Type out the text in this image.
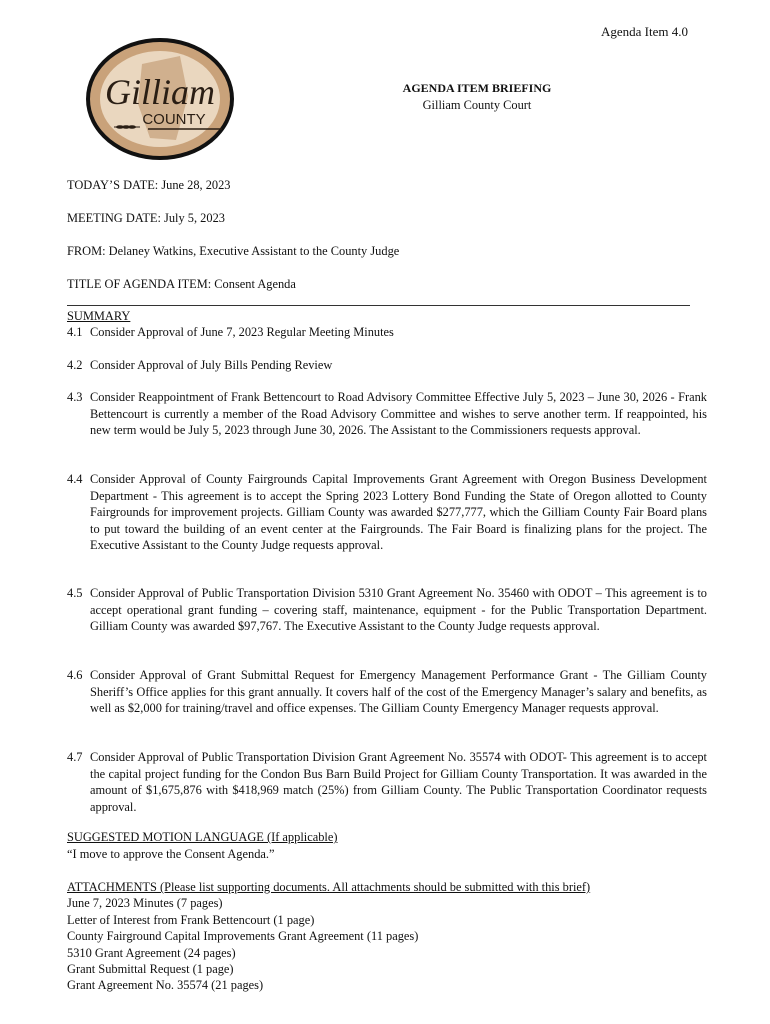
Agenda Item 4.0
Gilliam
COUNTY
AGENDA ITEM BRIEFING
Gilliam County Court
TODAY’S DATE: June 28, 2023
MEETING DATE: July 5, 2023
FROM: Delaney Watkins, Executive Assistant to the County Judge
TITLE OF AGENDA ITEM: Consent Agenda
SUMMARY
4.1 Consider Approval of June 7, 2023 Regular Meeting Minutes
4.2 Consider Approval of July Bills Pending Review
4.3 Consider Reappointment of Frank Bettencourt to Road Advisory Committee Effective July 5, 2023 – June 30, 2026 - Frank Bettencourt is currently a member of the Road Advisory Committee and wishes to serve another term. If reappointed, his new term would be July 5, 2023 through June 30, 2026. The Assistant to the Commissioners requests approval.
4.4 Consider Approval of County Fairgrounds Capital Improvements Grant Agreement with Oregon Business Development Department - This agreement is to accept the Spring 2023 Lottery Bond Funding the State of Oregon allotted to County Fairgrounds for improvement projects. Gilliam County was awarded $277,777, which the Gilliam County Fair Board plans to put toward the building of an event center at the Fairgrounds. The Fair Board is finalizing plans for the project. The Executive Assistant to the County Judge requests approval.
4.5 Consider Approval of Public Transportation Division 5310 Grant Agreement No. 35460 with ODOT – This agreement is to accept operational grant funding – covering staff, maintenance, equipment - for the Public Transportation Department. Gilliam County was awarded $97,767. The Executive Assistant to the County Judge requests approval.
4.6 Consider Approval of Grant Submittal Request for Emergency Management Performance Grant - The Gilliam County Sheriff’s Office applies for this grant annually. It covers half of the cost of the Emergency Manager’s salary and benefits, as well as $2,000 for training/travel and office expenses. The Gilliam County Emergency Manager requests approval.
4.7 Consider Approval of Public Transportation Division Grant Agreement No. 35574 with ODOT- This agreement is to accept the capital project funding for the Condon Bus Barn Build Project for Gilliam County Transportation. It was awarded in the amount of $1,675,876 with $418,969 match (25%) from Gilliam County. The Public Transportation Coordinator requests approval.
SUGGESTED MOTION LANGUAGE (If applicable)
“I move to approve the Consent Agenda.”
ATTACHMENTS (Please list supporting documents. All attachments should be submitted with this brief)
June 7, 2023 Minutes (7 pages)
Letter of Interest from Frank Bettencourt (1 page)
County Fairground Capital Improvements Grant Agreement (11 pages)
5310 Grant Agreement (24 pages)
Grant Submittal Request (1 page)
Grant Agreement No. 35574 (21 pages)
